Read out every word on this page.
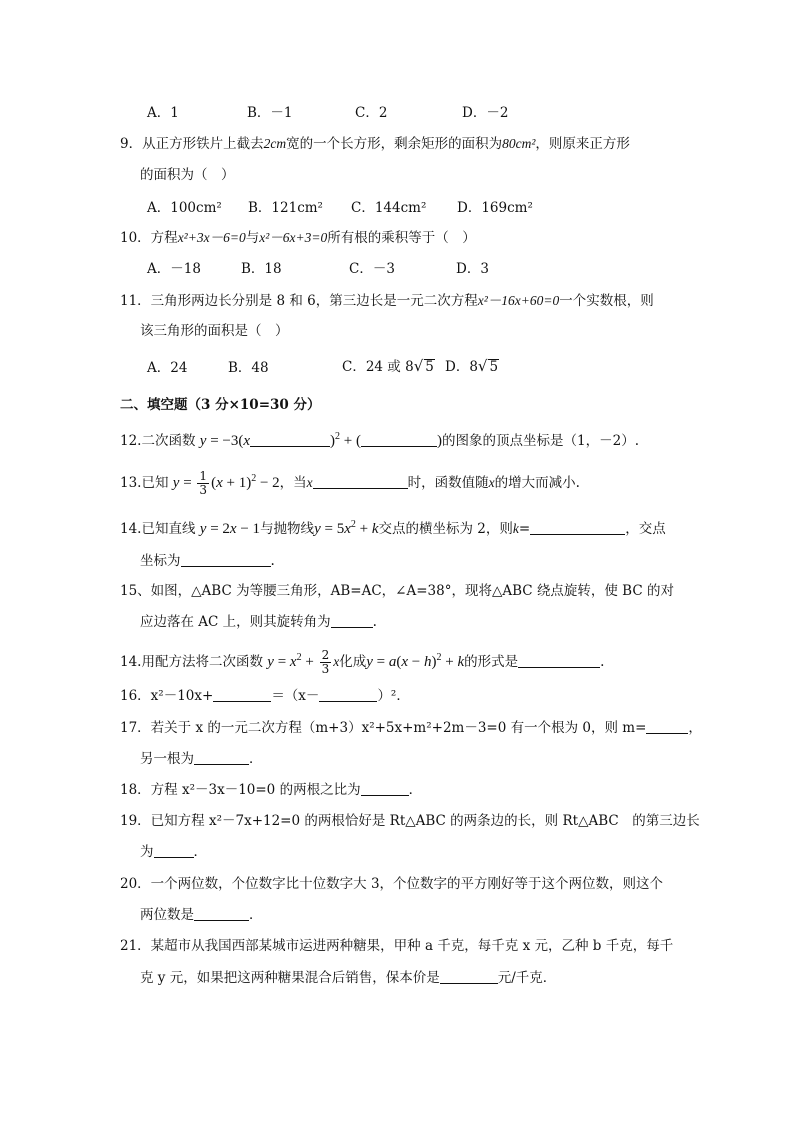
A．1	B．－1	C．2	D．－2
9．从正方形铁片上截去2cm宽的一个长方形，剩余矩形的面积为80cm²，则原来正方形
的面积为（　）
A．100cm² B．121cm² C．144cm² D．169cm²
10．方程x²+3x－6=0与x²－6x+3=0所有根的乘积等于（　）
A．－18	B．18	C．－3	D．3
11．三角形两边长分别是 8 和 6，第三边长是一元二次方程x²－16x+60=0一个实数根，则
该三角形的面积是（　）
A．24	B．48	C．24 或 8√ 5 D．8√ 5
二、填空题（3 分×10=30 分）
12.二次函数 y = −3(x	)$^2$ + (	)的图象的顶点坐标是（1，－2）.
13.已知 $y = \frac{1}{3} (x + 1)^2 - 2$，当x	时，函数值随x的增大而减小.
14.已知直线 y = 2x − 1与抛物线$y = 5x^2 + k$交点的横坐标为 2，则k=	，交点
坐标为	.
15、如图，△ABC 为等腰三角形，AB=AC，∠A=38°，现将△ABC 绕点旋转，使 BC 的对
应边落在 AC 上，则其旋转角为	.
14.用配方法将二次函数 $y = x^2 + \frac{2}{3}$ x化成$y = a(x - h)^2 + k$的形式是	.
16．x²－10x+	＝（x－	）²．
17．若关于 x 的一元二次方程（m+3）x²+5x+m²+2m－3=0 有一个根为 0，则 m=	，
另一根为	．
18．方程 x²－3x－10=0 的两根之比为	．
19．已知方程 x²－7x+12=0 的两根恰好是 Rt△ABC 的两条边的长，则 Rt△ABC　的第三边长
为	．
20．一个两位数，个位数字比十位数字大 3，个位数字的平方刚好等于这个两位数，则这个
两位数是	．
21．某超市从我国西部某城市运进两种糖果，甲种 a 千克，每千克 x 元，乙种 b 千克，每千
克 y 元，如果把这两种糖果混合后销售，保本价是	元/千克．
